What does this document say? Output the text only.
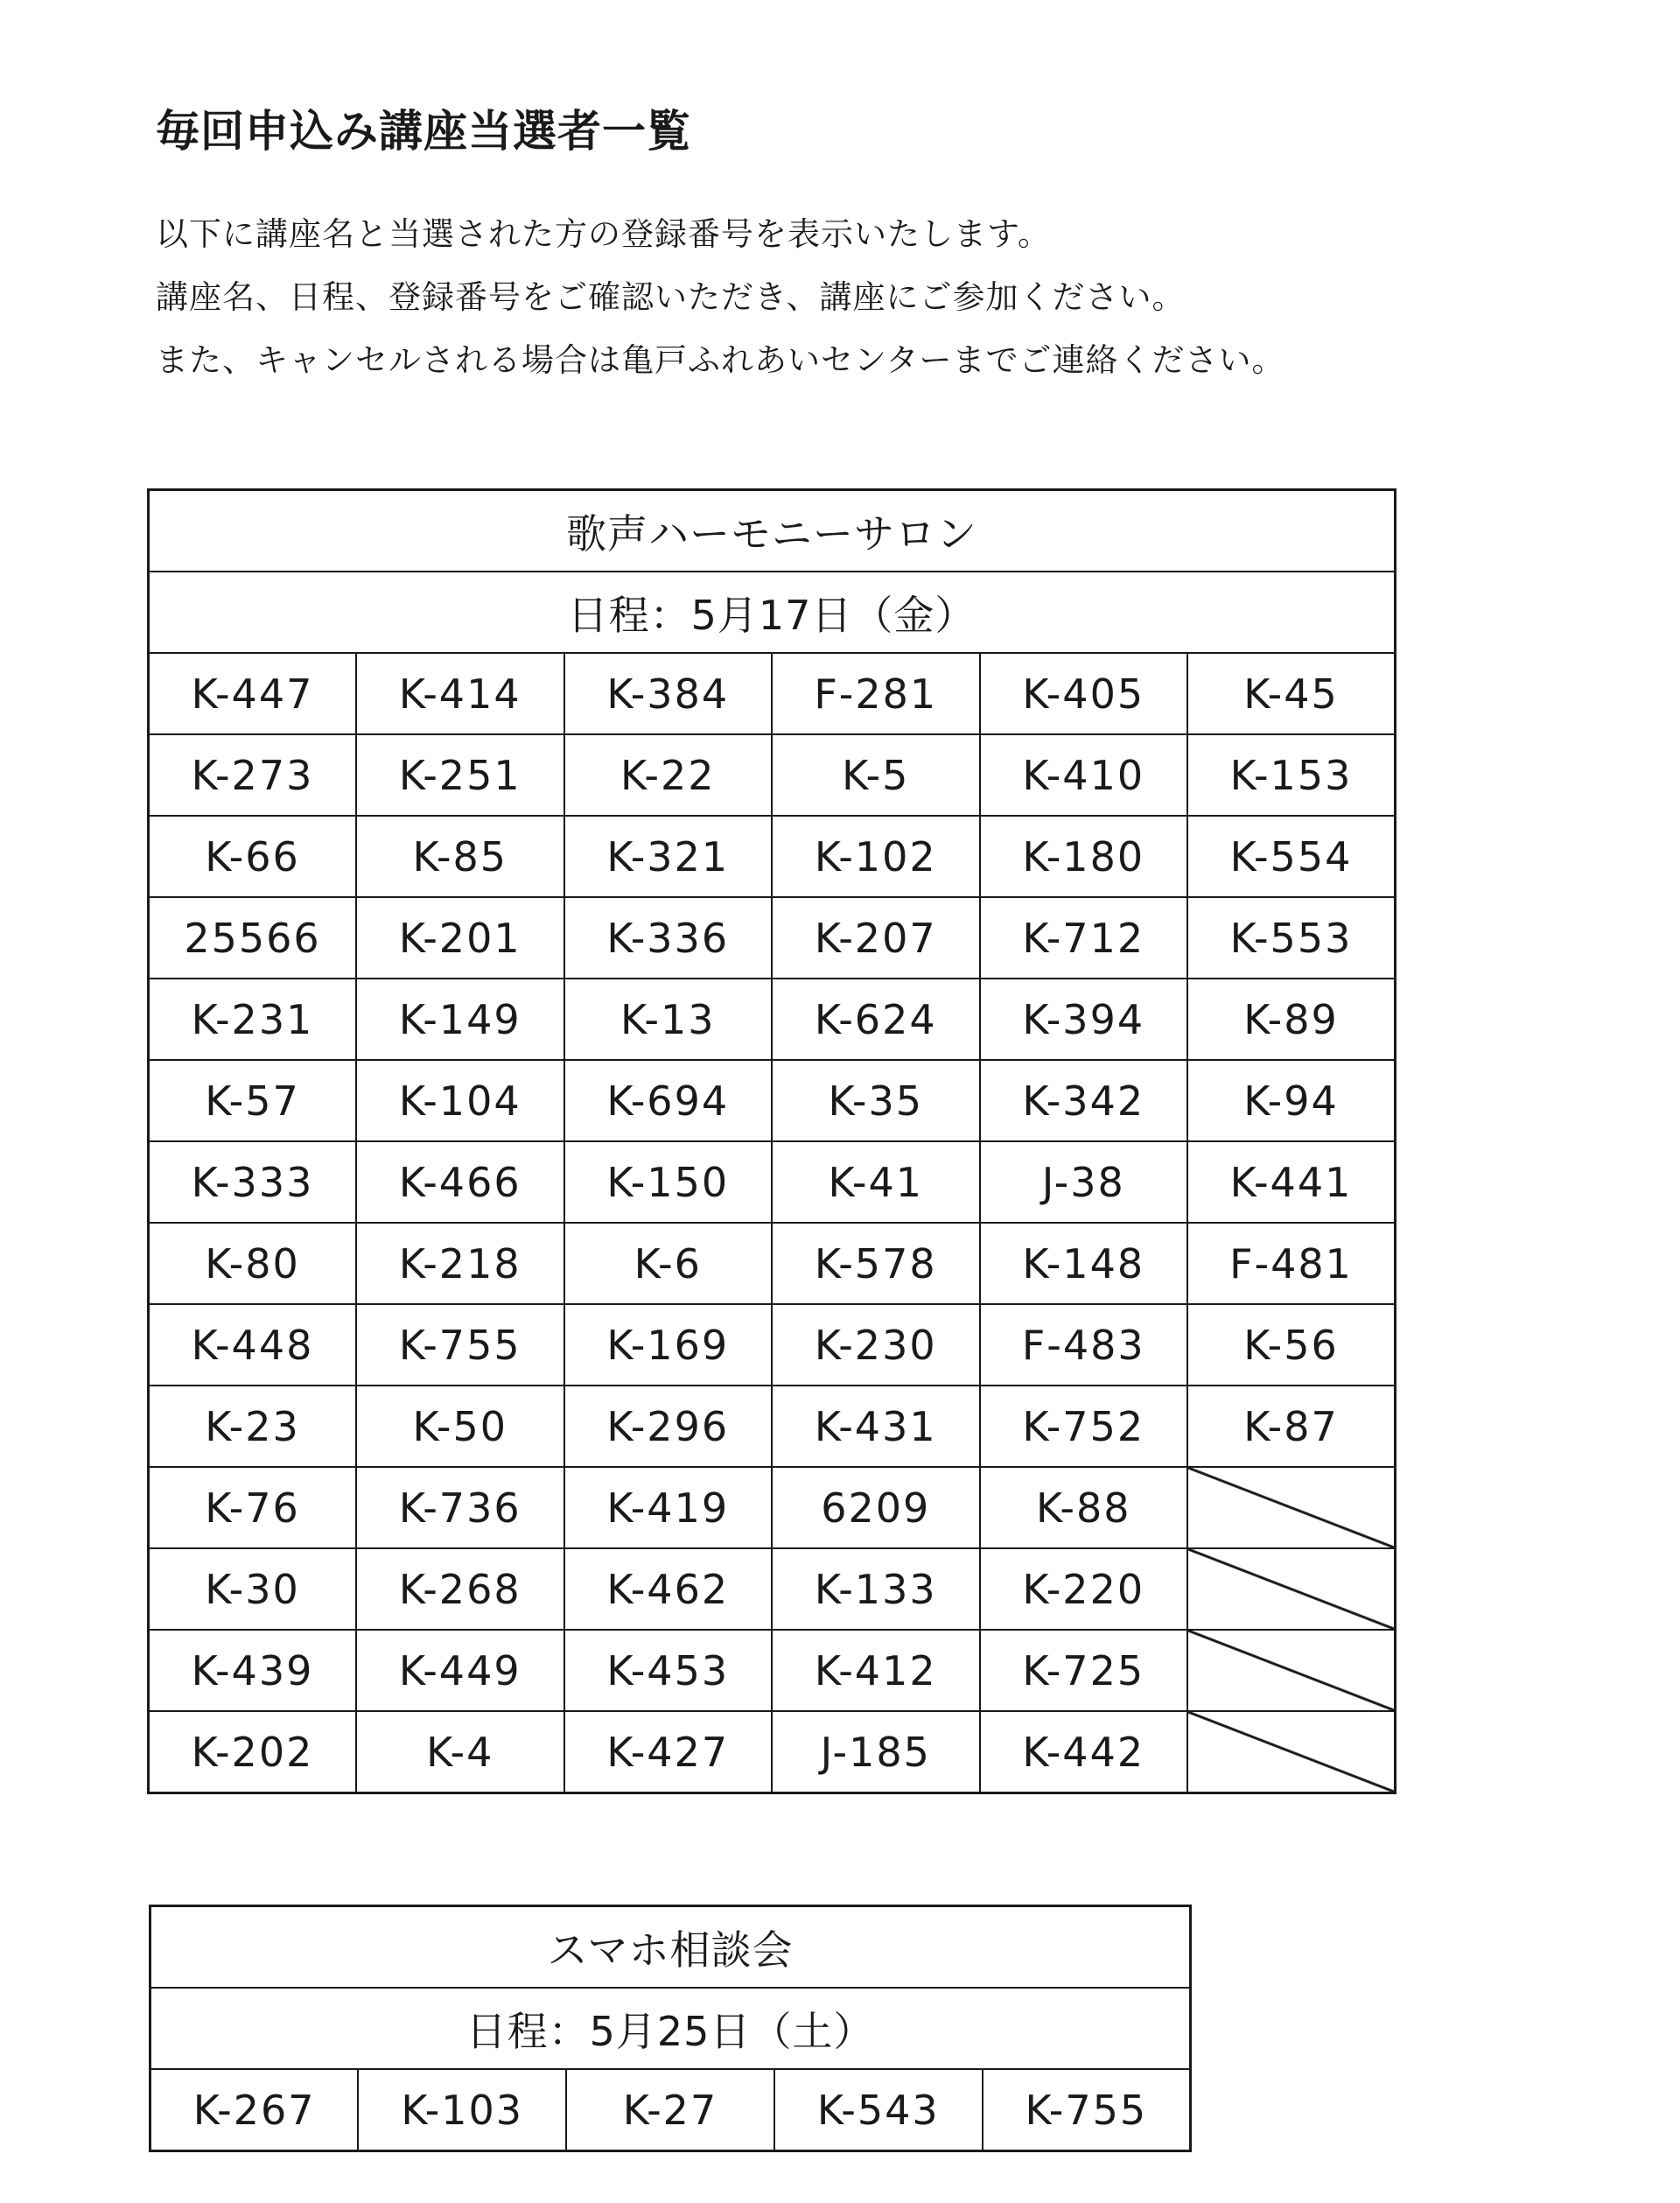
毎回申込み講座当選者一覧
以下に講座名と当選された方の登録番号を表示いたします。
講座名、日程、登録番号をご確認いただき、講座にご参加ください。
また、キャンセルされる場合は亀戸ふれあいセンターまでご連絡ください。
歌声ハーモニーサロン					
日程：5月17日（金）					
K-447	K-414	K-384	F-281	K-405	K-45
K-273	K-251	K-22	K-5	K-410	K-153
K-66	K-85	K-321	K-102	K-180	K-554
25566	K-201	K-336	K-207	K-712	K-553
K-231	K-149	K-13	K-624	K-394	K-89
K-57	K-104	K-694	K-35	K-342	K-94
K-333	K-466	K-150	K-41	J-38	K-441
K-80	K-218	K-6	K-578	K-148	F-481
K-448	K-755	K-169	K-230	F-483	K-56
K-23	K-50	K-296	K-431	K-752	K-87
K-76	K-736	K-419	6209	K-88	
K-30	K-268	K-462	K-133	K-220	
K-439	K-449	K-453	K-412	K-725	
K-202	K-4	K-427	J-185	K-442	
スマホ相談会
日程：5月25日（土）
K-267	K-103	K-27	K-543	K-755
